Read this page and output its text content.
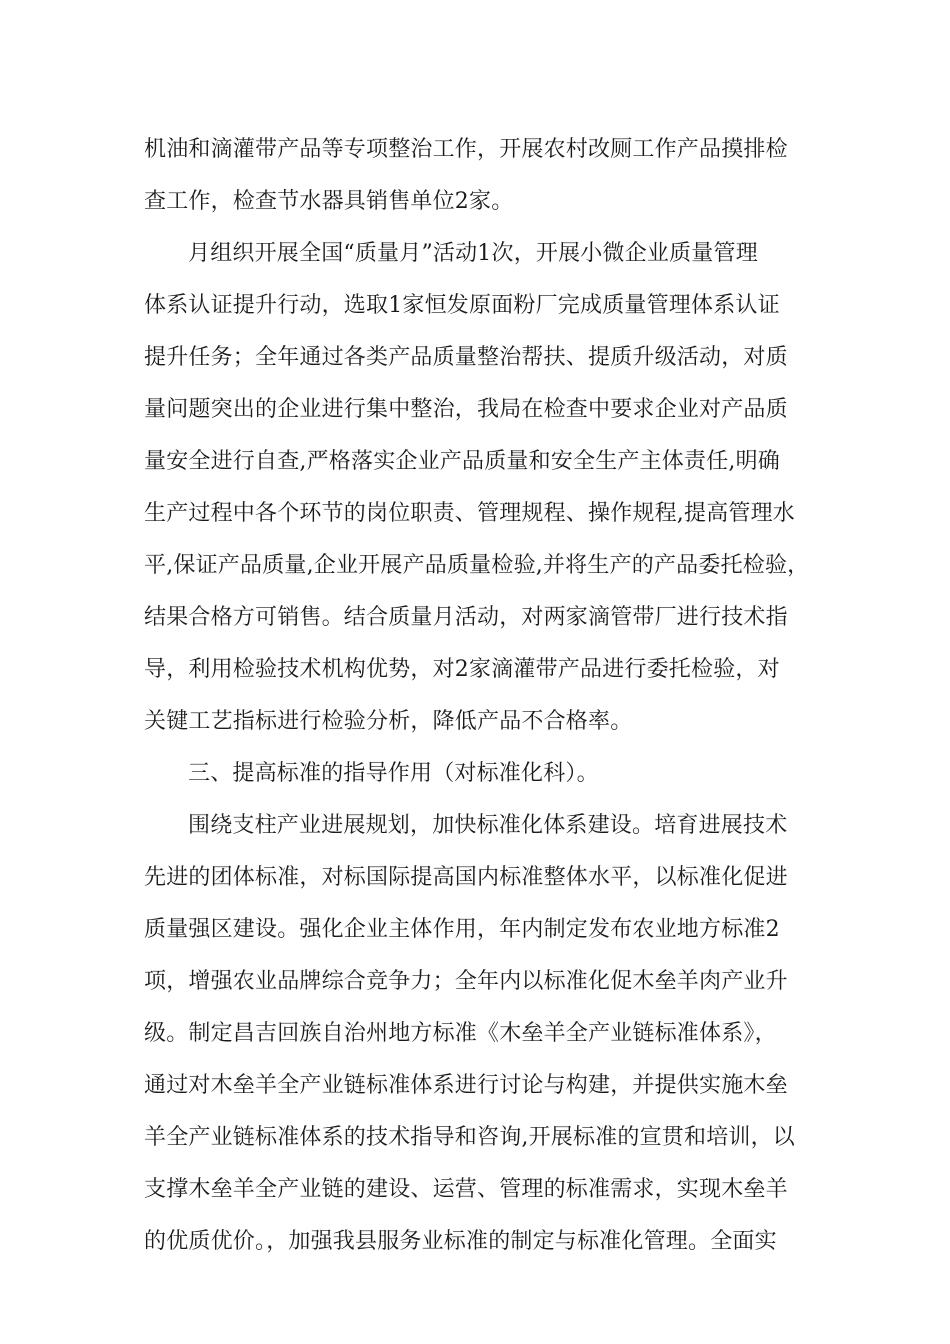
机油和滴灌带产品等专项整治工作，开展农村改厕工作产品摸排检
查工作，检查节水器具销售单位2家。
月组织开展全国“质量月”活动1次，开展小微企业质量管理
体系认证提升行动，选取1家恒发原面粉厂完成质量管理体系认证
提升任务；全年通过各类产品质量整治帮扶、提质升级活动，对质
量问题突出的企业进行集中整治，我局在检查中要求企业对产品质
量安全进行自查,严格落实企业产品质量和安全生产主体责任,明确
生产过程中各个环节的岗位职责、管理规程、操作规程,提高管理水
平,保证产品质量,企业开展产品质量检验,并将生产的产品委托检验，
结果合格方可销售。结合质量月活动，对两家滴管带厂进行技术指
导，利用检验技术机构优势，对2家滴灌带产品进行委托检验，对
关键工艺指标进行检验分析，降低产品不合格率。
三、提高标准的指导作用（对标准化科）。
围绕支柱产业进展规划，加快标准化体系建设。培育进展技术
先进的团体标准，对标国际提高国内标准整体水平，以标准化促进
质量强区建设。强化企业主体作用，年内制定发布农业地方标准2
项，增强农业品牌综合竞争力；全年内以标准化促木垒羊肉产业升
级。制定昌吉回族自治州地方标准《木垒羊全产业链标准体系》，
通过对木垒羊全产业链标准体系进行讨论与构建，并提供实施木垒
羊全产业链标准体系的技术指导和咨询,开展标准的宣贯和培训，以
支撑木垒羊全产业链的建设、运营、管理的标准需求，实现木垒羊
的优质优价。，加强我县服务业标准的制定与标准化管理。全面实
